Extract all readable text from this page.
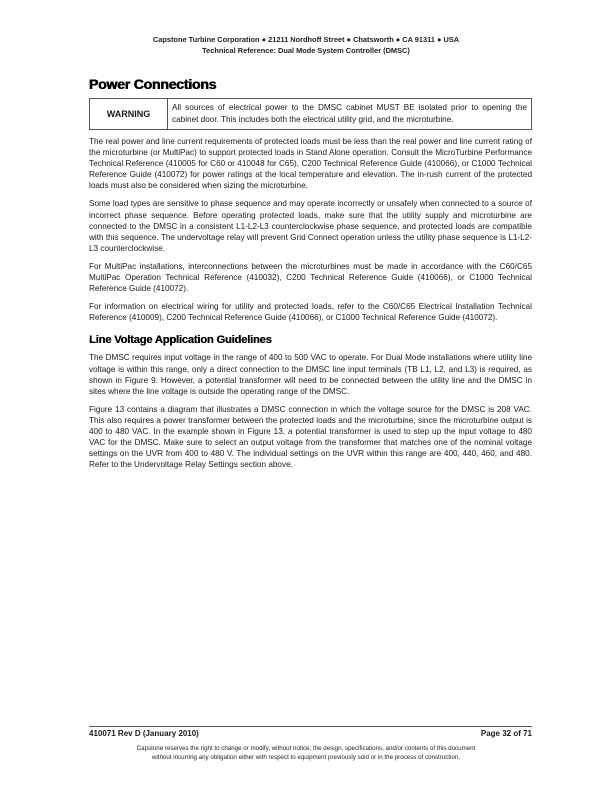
Capstone Turbine Corporation ● 21211 Nordhoff Street ● Chatsworth ● CA 91311 ● USA
Technical Reference: Dual Mode System Controller (DMSC)
Power Connections
WARNING	All sources of electrical power to the DMSC cabinet MUST BE isolated prior to opening the cabinet door. This includes both the electrical utility grid, and the microturbine.

The real power and line current requirements of protected loads must be less than the real power and line current rating of the microturbine (or MultiPac) to support protected loads in Stand Alone operation. Consult the MicroTurbine Performance Technical Reference (410005 for C60 or 410048 for C65), C200 Technical Reference Guide (410066), or C1000 Technical Reference Guide (410072) for power ratings at the local temperature and elevation. The in-rush current of the protected loads must also be considered when sizing the microturbine.

Some load types are sensitive to phase sequence and may operate incorrectly or unsafely when connected to a source of incorrect phase sequence. Before operating protected loads, make sure that the utility supply and microturbine are connected to the DMSC in a consistent L1-L2-L3 counterclockwise phase sequence, and protected loads are compatible with this sequence. The undervoltage relay will prevent Grid Connect operation unless the utility phase sequence is L1-L2-L3 counterclockwise.

For MultiPac installations, interconnections between the microturbines must be made in accordance with the C60/C65 MultiPac Operation Technical Reference (410032), C200 Technical Reference Guide (410066), or C1000 Technical Reference Guide (410072).

For information on electrical wiring for utility and protected loads, refer to the C60/C65 Electrical Installation Technical Reference (410009), C200 Technical Reference Guide (410066), or C1000 Technical Reference Guide (410072).

Line Voltage Application Guidelines

The DMSC requires input voltage in the range of 400 to 500 VAC to operate. For Dual Mode installations where utility line voltage is within this range, only a direct connection to the DMSC line input terminals (TB L1, L2, and L3) is required, as shown in Figure 9. However, a potential transformer will need to be connected between the utility line and the DMSC in sites where the line voltage is outside the operating range of the DMSC.

Figure 13 contains a diagram that illustrates a DMSC connection in which the voltage source for the DMSC is 208 VAC. This also requires a power transformer between the protected loads and the microturbine, since the microturbine output is 400 to 480 VAC. In the example shown in Figure 13, a potential transformer is used to step up the input voltage to 480 VAC for the DMSC. Make sure to select an output voltage from the transformer that matches one of the nominal voltage settings on the UVR from 400 to 480 V. The individual settings on the UVR within this range are 400, 440, 460, and 480. Refer to the Undervoltage Relay Settings section above.

410071 Rev D (January 2010)	Page 32 of 71
Capstone reserves the right to change or modify, without notice, the design, specifications, and/or contents of this document
without incurring any obligation either with respect to equipment previously sold or in the process of construction.
